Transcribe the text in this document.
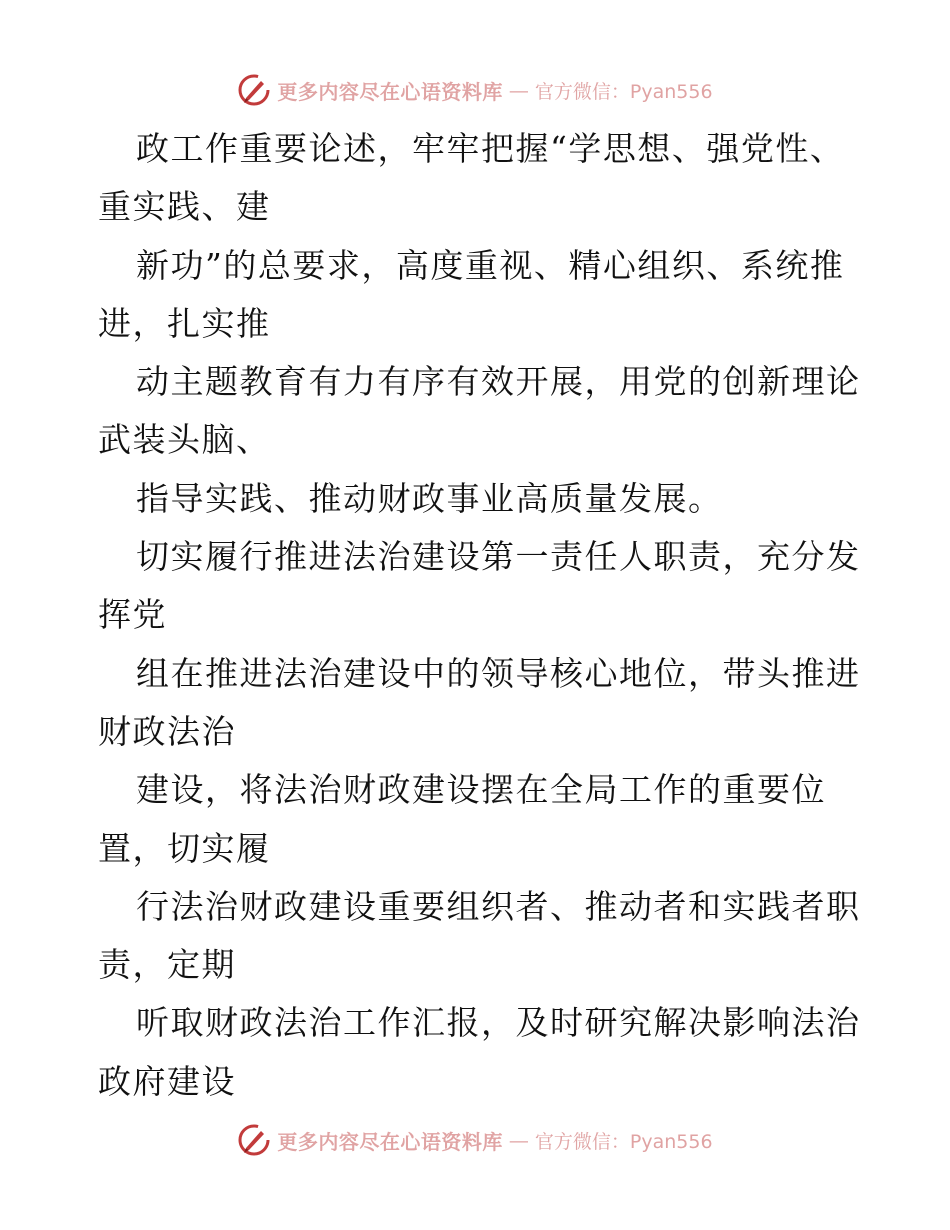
更多内容尽在心语资料库 — 官方微信：Pyan556
政工作重要论述，牢牢把握“学思想、强党性、
重实践、建
新功”的总要求，高度重视、精心组织、系统推
进，扎实推
动主题教育有力有序有效开展，用党的创新理论
武装头脑、
指导实践、推动财政事业高质量发展。
切实履行推进法治建设第一责任人职责，充分发
挥党
组在推进法治建设中的领导核心地位，带头推进
财政法治
建设，将法治财政建设摆在全局工作的重要位
置，切实履
行法治财政建设重要组织者、推动者和实践者职
责，定期
听取财政法治工作汇报，及时研究解决影响法治
政府建设
更多内容尽在心语资料库 — 官方微信：Pyan556
